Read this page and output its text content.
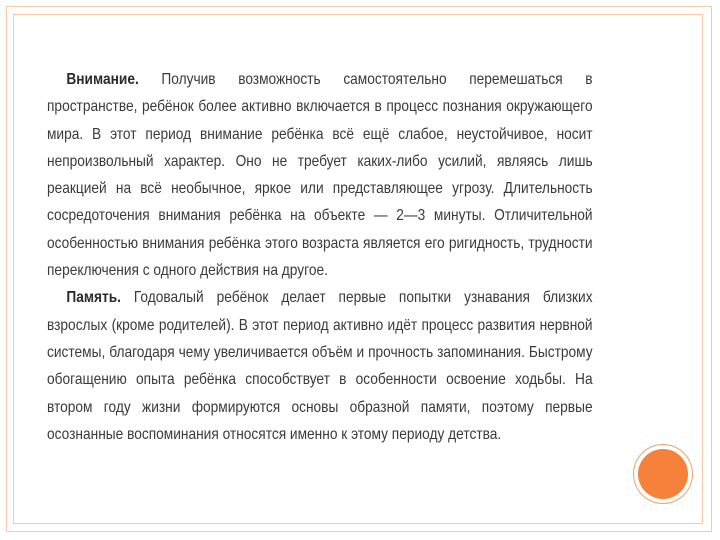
Внимание. Получив возможность самостоятельно перемешаться в пространстве, ребёнок более активно включается в процесс познания окружающего мира. В этот период внимание ребёнка всё ещё слабое, неустойчивое, носит непроизвольный характер. Оно не требует каких-либо усилий, являясь лишь реакцией на всё необычное, яркое или представляющее угрозу. Длительность сосредоточения внимания ребёнка на объекте — 2—3 минуты. Отличительной особенностью внимания ребёнка этого возраста является его ригидность, трудности переключения с одного действия на другое.

Память. Годовалый ребёнок делает первые попытки узнавания близких взрослых (кроме родителей). В этот период активно идёт процесс развития нервной системы, благодаря чему увеличивается объём и прочность запоминания. Быстрому обогащению опыта ребёнка способствует в особенности освоение ходьбы. На втором году жизни формируются основы образной памяти, поэтому первые осознанные воспоминания относятся именно к этому периоду детства.
